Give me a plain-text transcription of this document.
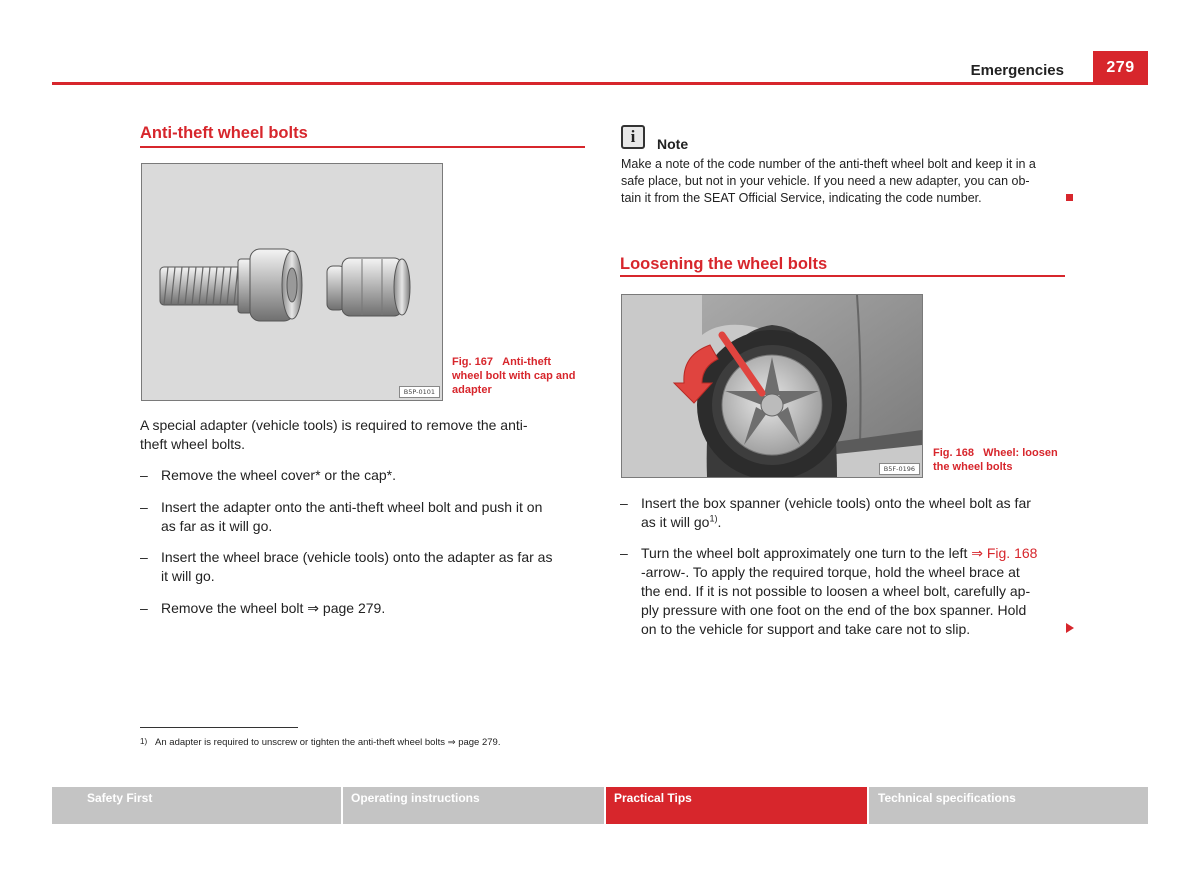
Emergencies	279
Anti-theft wheel bolts
B5P-0101
Fig. 167 Anti-theft
wheel bolt with cap and
adapter
A special adapter (vehicle tools) is required to remove the anti-
theft wheel bolts.
– Remove the wheel cover* or the cap*.
– Insert the adapter onto the anti-theft wheel bolt and push it on
as far as it will go.
– Insert the wheel brace (vehicle tools) onto the adapter as far as
it will go.
– Remove the wheel bolt ⇒ page 279.
i	Note
Make a note of the code number of the anti-theft wheel bolt and keep it in a
safe place, but not in your vehicle. If you need a new adapter, you can ob-
tain it from the SEAT Official Service, indicating the code number.
Loosening the wheel bolts
B5F-0196
Fig. 168 Wheel: loosen
the wheel bolts
– Insert the box spanner (vehicle tools) onto the wheel bolt as far
as it will $go^{1)}$.
– Turn the wheel bolt approximately one turn to the left ⇒ Fig. 168
-arrow-. To apply the required torque, hold the wheel brace at
the end. If it is not possible to loosen a wheel bolt, carefully ap-
ply pressure with one foot on the end of the box spanner. Hold
on to the vehicle for support and take care not to slip.
$^{1)}$ An adapter is required to unscrew or tighten the anti-theft wheel bolts ⇒ page 279.
Safety First	Operating instructions	Practical Tips	Technical specifications
